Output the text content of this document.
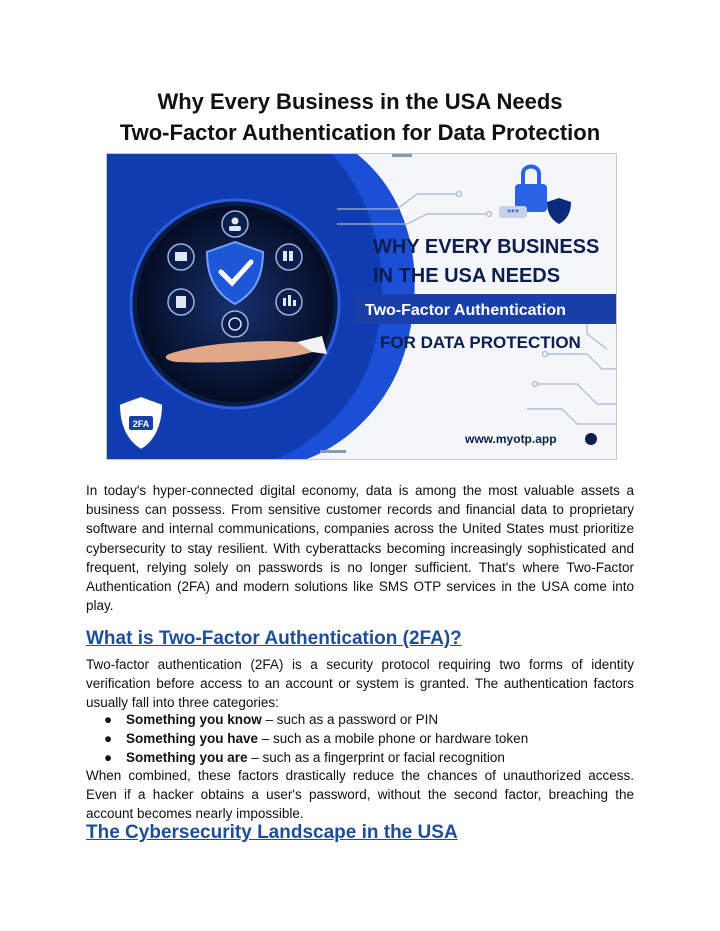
Why Every Business in the USA Needs
Two-Factor Authentication for Data Protection
2FA
***
WHY EVERY BUSINESS
IN THE USA NEEDS
Two-Factor Authentication
FOR DATA PROTECTION
www.myotp.app

In today's hyper-connected digital economy, data is among the most valuable assets a business can possess. From sensitive customer records and financial data to proprietary software and internal communications, companies across the United States must prioritize cybersecurity to stay resilient. With cyberattacks becoming increasingly sophisticated and frequent, relying solely on passwords is no longer sufficient. That's where Two-Factor Authentication (2FA) and modern solutions like SMS OTP services in the USA come into play.

What is Two-Factor Authentication (2FA)?

Two-factor authentication (2FA) is a security protocol requiring two forms of identity verification before access to an account or system is granted. The authentication factors usually fall into three categories:

● Something you know – such as a password or PIN
● Something you have – such as a mobile phone or hardware token
● Something you are – such as a fingerprint or facial recognition

When combined, these factors drastically reduce the chances of unauthorized access. Even if a hacker obtains a user's password, without the second factor, breaching the account becomes nearly impossible.

The Cybersecurity Landscape in the USA
